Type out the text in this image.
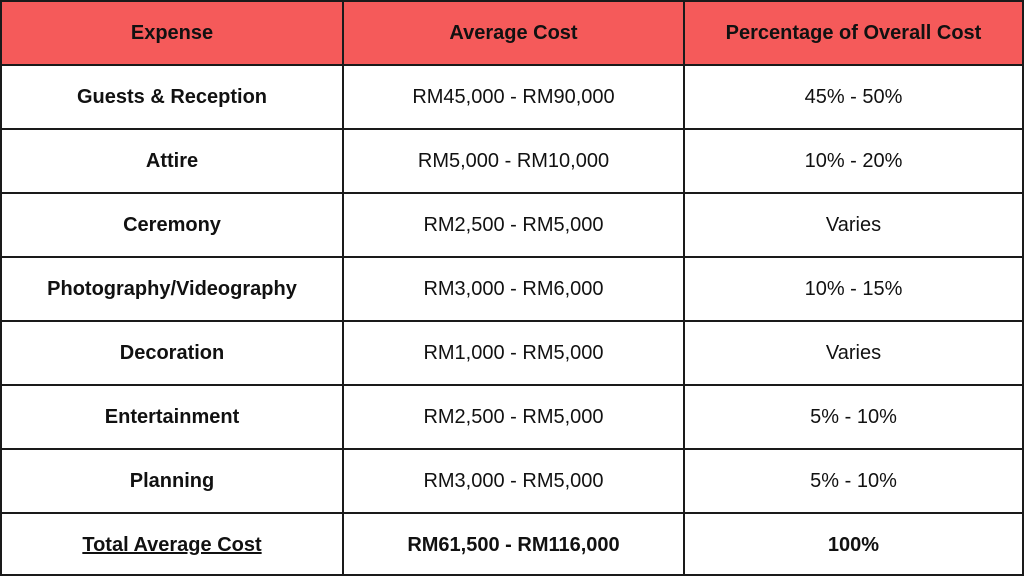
Expense	Average Cost	Percentage of Overall Cost
Guests & Reception	RM45,000 - RM90,000	45% - 50%
Attire	RM5,000 - RM10,000	10% - 20%
Ceremony	RM2,500 - RM5,000	Varies
Photography/Videography	RM3,000 - RM6,000	10% - 15%
Decoration	RM1,000 - RM5,000	Varies
Entertainment	RM2,500 - RM5,000	5% - 10%
Planning	RM3,000 - RM5,000	5% - 10%
Total Average Cost	RM61,500 - RM116,000	100%
